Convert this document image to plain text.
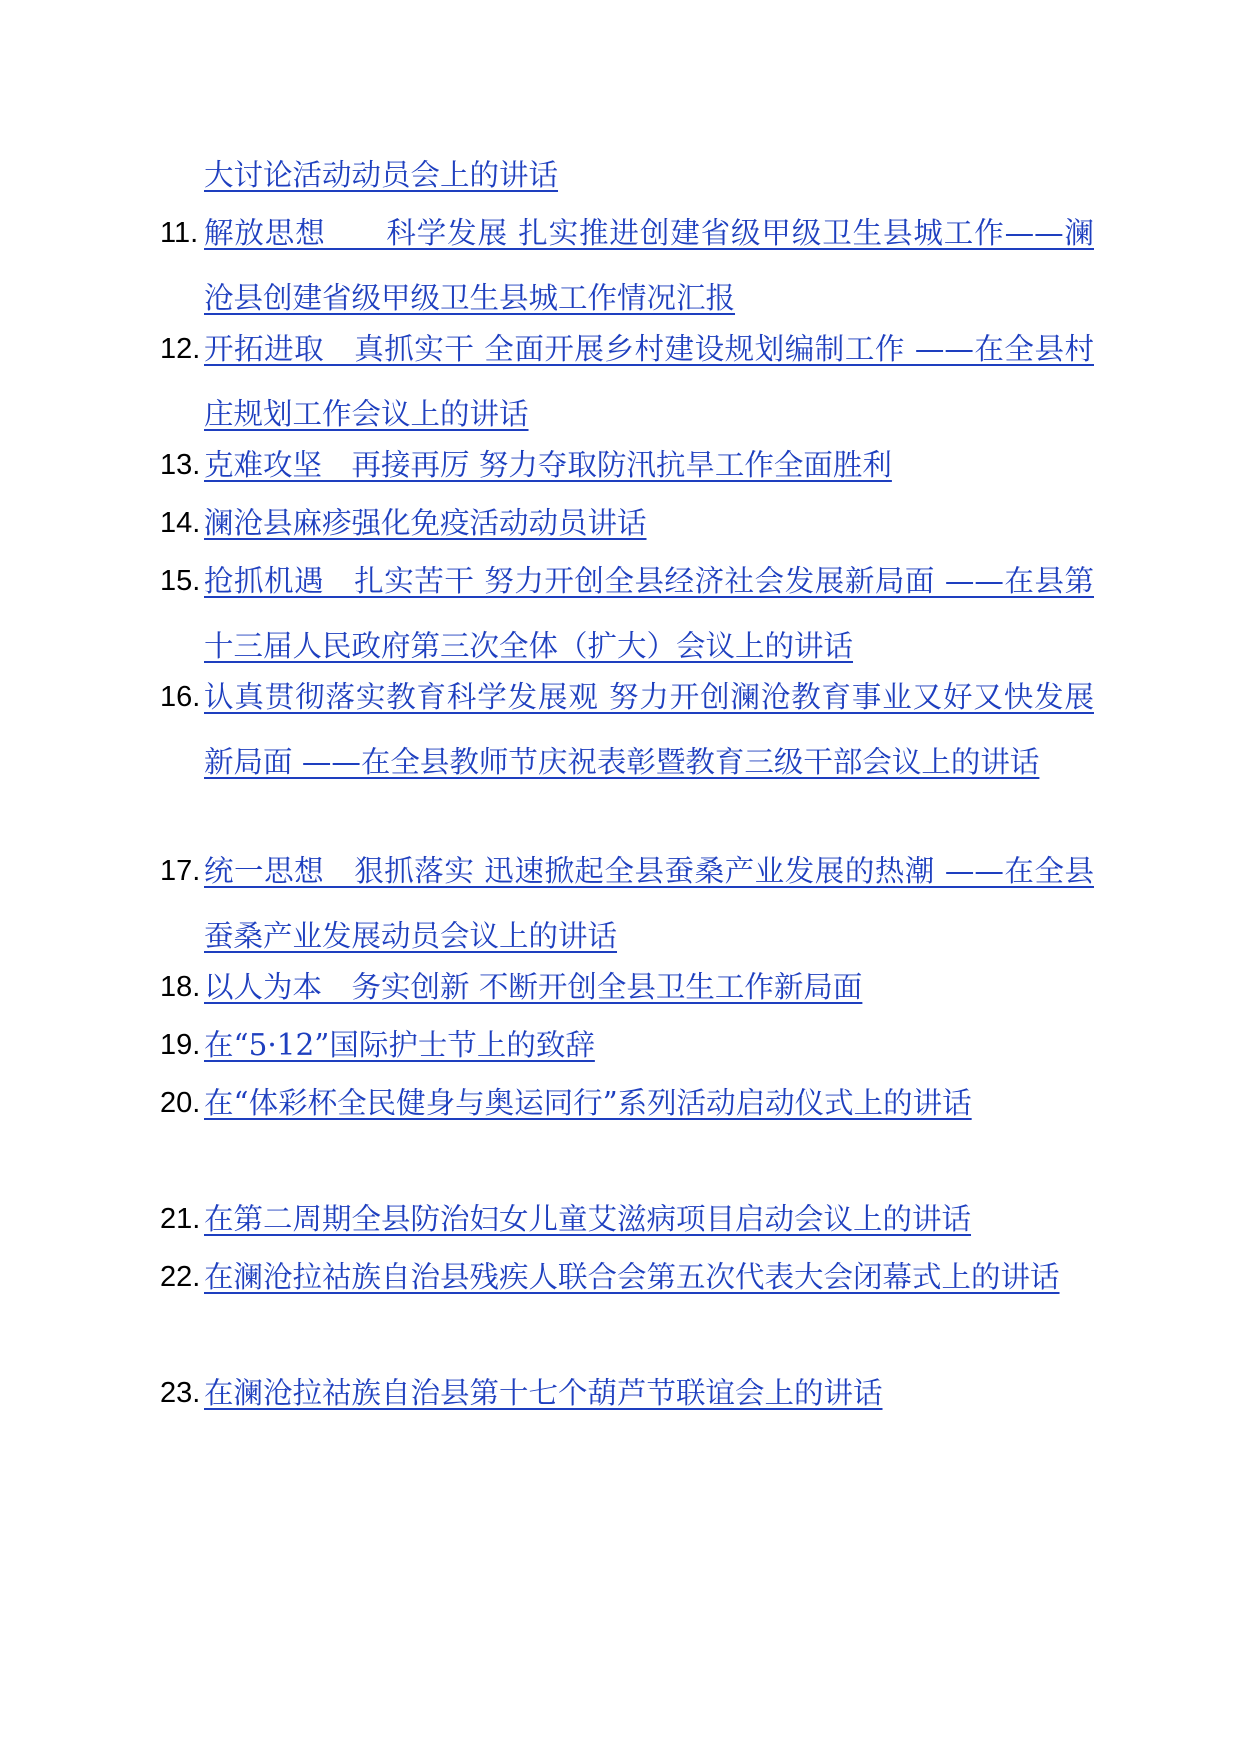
大讨论活动动员会上的讲话
11. 解放思想　　科学发展 扎实推进创建省级甲级卫生县城工作——澜沧县创建省级甲级卫生县城工作情况汇报
12. 开拓进取　真抓实干 全面开展乡村建设规划编制工作 ——在全县村庄规划工作会议上的讲话
13. 克难攻坚　再接再厉 努力夺取防汛抗旱工作全面胜利
14. 澜沧县麻疹强化免疫活动动员讲话
15. 抢抓机遇　扎实苦干 努力开创全县经济社会发展新局面 ——在县第十三届人民政府第三次全体（扩大）会议上的讲话
16. 认真贯彻落实教育科学发展观 努力开创澜沧教育事业又好又快发展新局面 ——在全县教师节庆祝表彰暨教育三级干部会议上的讲话
17. 统一思想　狠抓落实 迅速掀起全县蚕桑产业发展的热潮 ——在全县蚕桑产业发展动员会议上的讲话
18. 以人为本　务实创新 不断开创全县卫生工作新局面
19. 在“5·12”国际护士节上的致辞
20. 在“体彩杯全民健身与奥运同行”系列活动启动仪式上的讲话
21. 在第二周期全县防治妇女儿童艾滋病项目启动会议上的讲话
22. 在澜沧拉祜族自治县残疾人联合会第五次代表大会闭幕式上的讲话
23. 在澜沧拉祜族自治县第十七个葫芦节联谊会上的讲话
